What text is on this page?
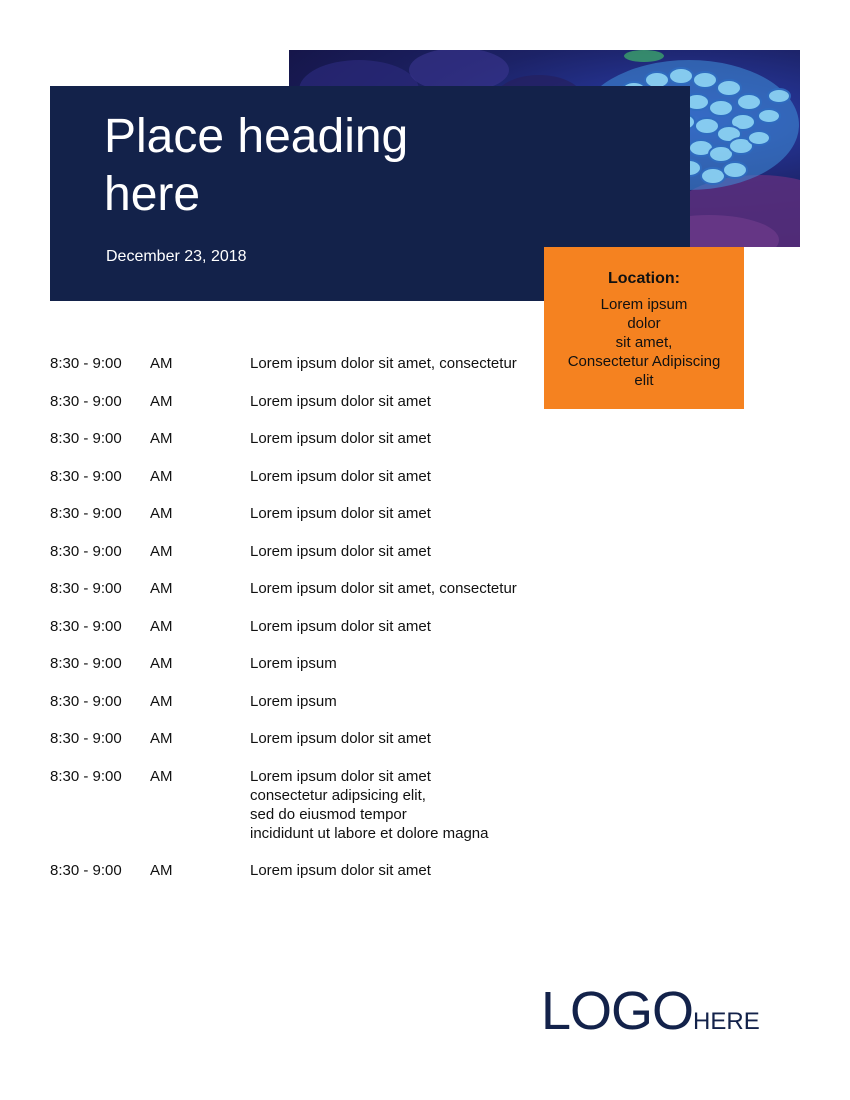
Place heading
here
December 23, 2018
Location:
Lorem ipsum
dolor
sit amet,
Consectetur Adipiscing
elit
8:30 - 9:00	AM	Lorem ipsum dolor sit amet, consectetur
8:30 - 9:00	AM	Lorem ipsum dolor sit amet
8:30 - 9:00	AM	Lorem ipsum dolor sit amet
8:30 - 9:00	AM	Lorem ipsum dolor sit amet
8:30 - 9:00	AM	Lorem ipsum dolor sit amet
8:30 - 9:00	AM	Lorem ipsum dolor sit amet
8:30 - 9:00	AM	Lorem ipsum dolor sit amet, consectetur
8:30 - 9:00	AM	Lorem ipsum dolor sit amet
8:30 - 9:00	AM	Lorem ipsum
8:30 - 9:00	AM	Lorem ipsum
8:30 - 9:00	AM	Lorem ipsum dolor sit amet
8:30 - 9:00	AM	Lorem ipsum dolor sit amet
consectetur adipsicing elit,
sed do eiusmod tempor
incididunt ut labore et dolore magna
8:30 - 9:00	AM	Lorem ipsum dolor sit amet
LOGOHERE
